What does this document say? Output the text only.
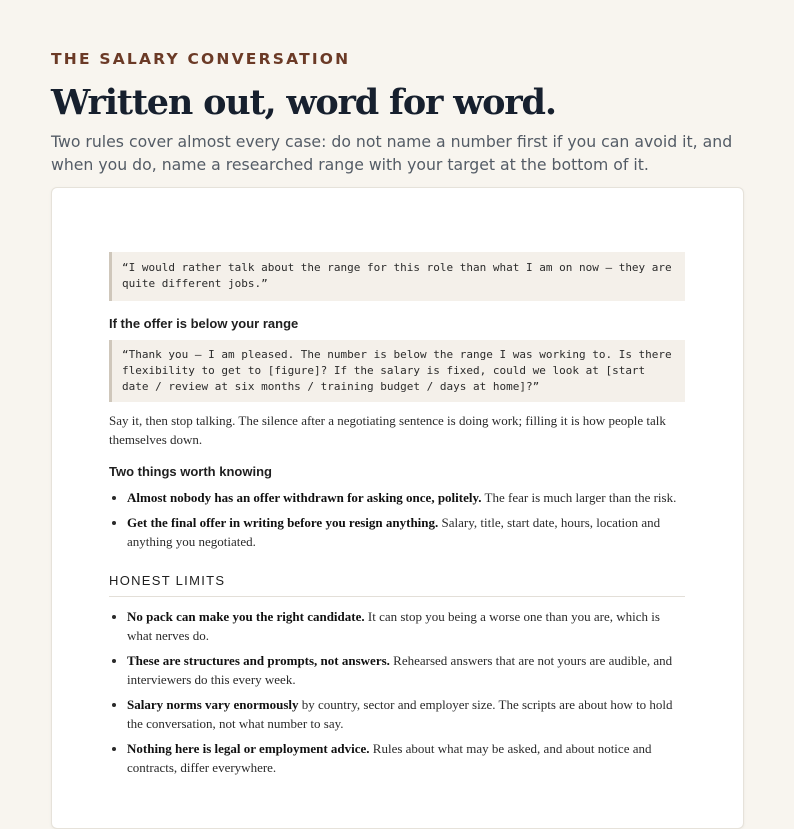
THE SALARY CONVERSATION

Written out, word for word.

Two rules cover almost every case: do not name a number first if you can avoid it, and when you do, name a researched range with your target at the bottom of it.

“I would rather talk about the range for this role than what I am on now — they are quite different jobs.”
If the offer is below your range
“Thank you — I am pleased. The number is below the range I was working to. Is there flexibility to get to [figure]? If the salary is fixed, could we look at [start date / review at six months / training budget / days at home]?”

Say it, then stop talking. The silence after a negotiating sentence is doing work; filling it is how people talk themselves down.

Two things worth knowing
• Almost nobody has an offer withdrawn for asking once, politely. The fear is much larger than the risk.
• Get the final offer in writing before you resign anything. Salary, title, start date, hours, location and anything you negotiated.
HONEST LIMITS
• No pack can make you the right candidate. It can stop you being a worse one than you are, which is what nerves do.
• These are structures and prompts, not answers. Rehearsed answers that are not yours are audible, and interviewers do this every week.
• Salary norms vary enormously by country, sector and employer size. The scripts are about how to hold the conversation, not what number to say.
• Nothing here is legal or employment advice. Rules about what may be asked, and about notice and contracts, differ everywhere.
